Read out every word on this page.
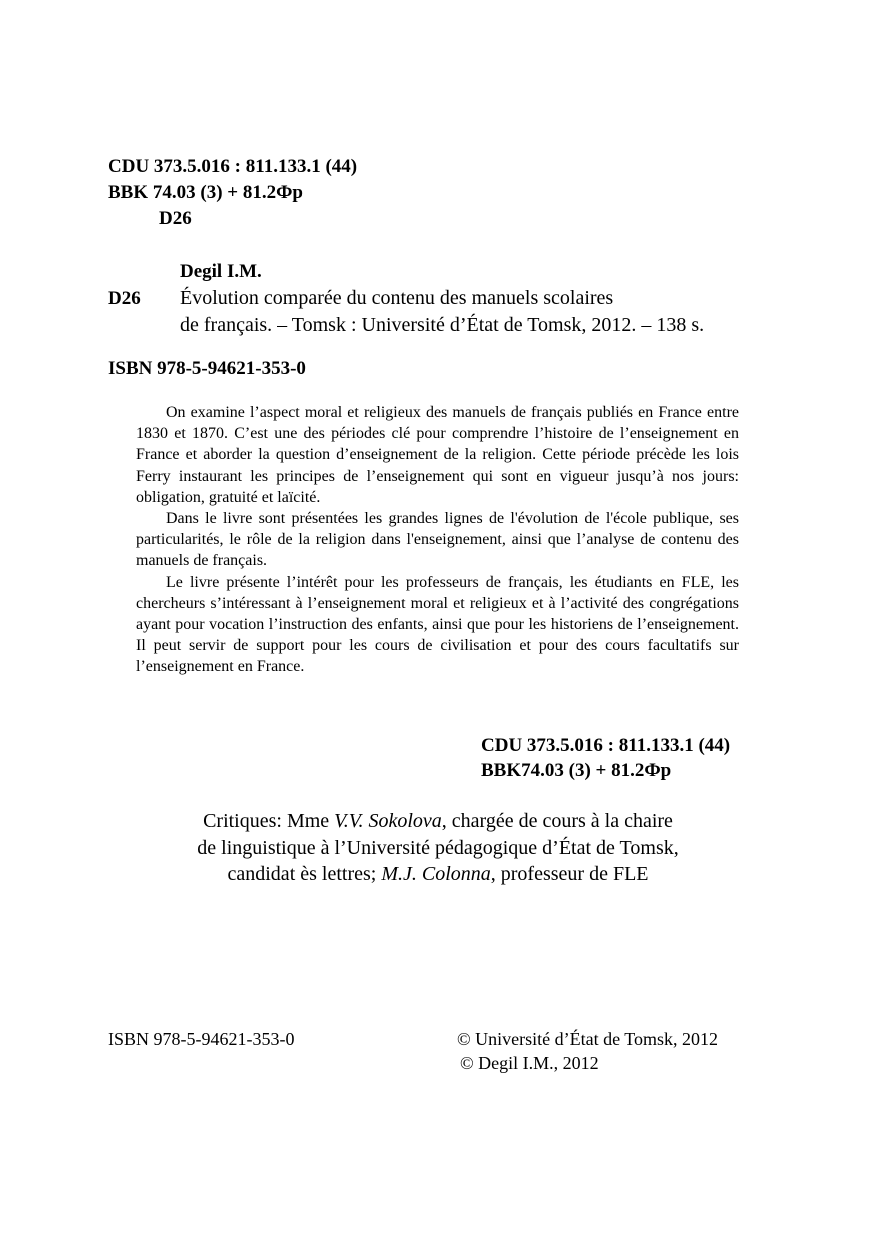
CDU 373.5.016 : 811.133.1 (44)
BBK 74.03 (3) + 81.2Фр
D26
Degil I.M.
D26 Évolution comparée du contenu des manuels scolaires
de français. – Tomsk : Université d’État de Tomsk, 2012. – 138 s.
ISBN 978-5-94621-353-0

On examine l’aspect moral et religieux des manuels de français publiés en France entre 1830 et 1870. C’est une des périodes clé pour comprendre l’histoire de l’enseignement en France et aborder la question d’enseignement de la religion. Cette période précède les lois Ferry instaurant les principes de l’enseignement qui sont en vigueur jusqu’à nos jours: obligation, gratuité et laïcité.

Dans le livre sont présentées les grandes lignes de l'évolution de l'école publique, ses particularités, le rôle de la religion dans l'enseignement, ainsi que l’analyse de contenu des manuels de français.

Le livre présente l’intérêt pour les professeurs de français, les étudiants en FLE, les chercheurs s’intéressant à l’enseignement moral et religieux et à l’activité des congrégations ayant pour vocation l’instruction des enfants, ainsi que pour les historiens de l’enseignement. Il peut servir de support pour les cours de civilisation et pour des cours facultatifs sur l’enseignement en France.

CDU 373.5.016 : 811.133.1 (44)
BBK74.03 (3) + 81.2Фр
Critiques: Mme V.V. Sokolova, chargée de cours à la chaire
de linguistique à l’Université pédagogique d’État de Tomsk,
candidat ès lettres; M.J. Colonna, professeur de FLE
ISBN 978-5-94621-353-0	© Université d’État de Tomsk, 2012
© Degil I.M., 2012
